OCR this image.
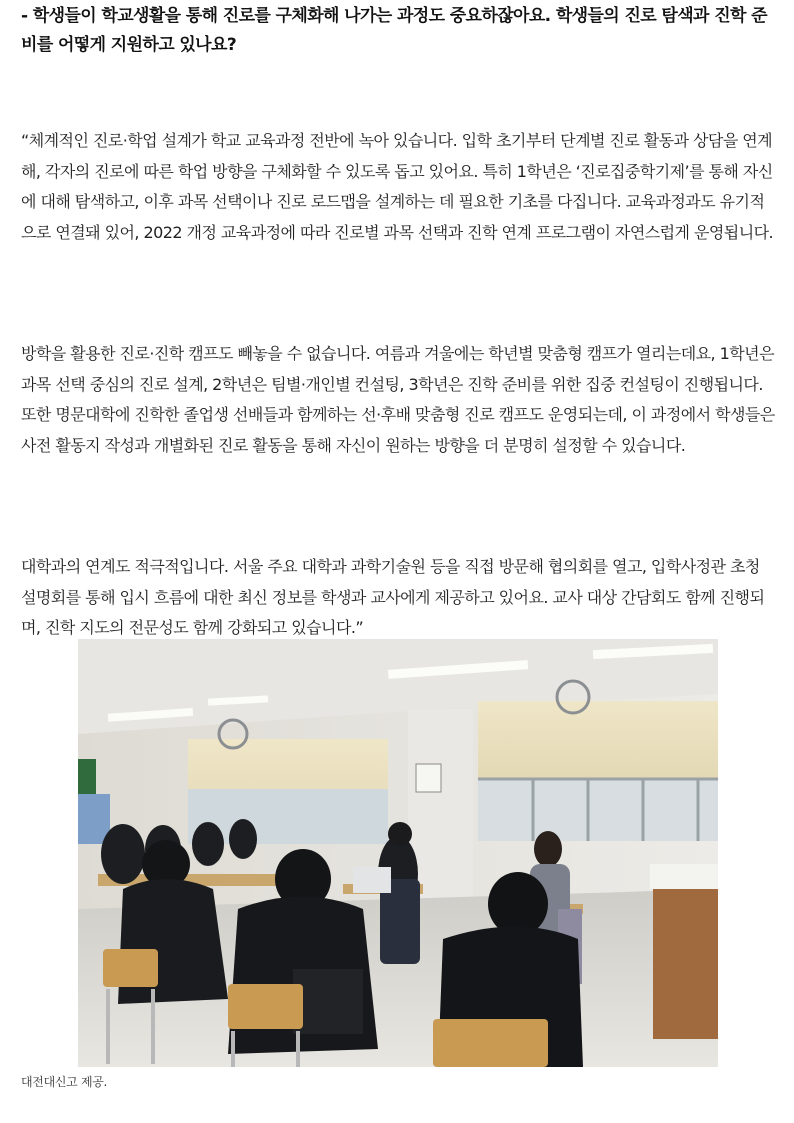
- 학생들이 학교생활을 통해 진로를 구체화해 나가는 과정도 중요하잖아요. 학생들의 진로 탐색과 진학 준비를 어떻게 지원하고 있나요?

“체계적인 진로·학업 설계가 학교 교육과정 전반에 녹아 있습니다. 입학 초기부터 단계별 진로 활동과 상담을 연계해, 각자의 진로에 따른 학업 방향을 구체화할 수 있도록 돕고 있어요. 특히 1학년은 ‘진로집중학기제’를 통해 자신에 대해 탐색하고, 이후 과목 선택이나 진로 로드맵을 설계하는 데 필요한 기초를 다집니다. 교육과정과도 유기적으로 연결돼 있어, 2022 개정 교육과정에 따라 진로별 과목 선택과 진학 연계 프로그램이 자연스럽게 운영됩니다.

방학을 활용한 진로·진학 캠프도 빼놓을 수 없습니다. 여름과 겨울에는 학년별 맞춤형 캠프가 열리는데요, 1학년은 과목 선택 중심의 진로 설계, 2학년은 팀별·개인별 컨설팅, 3학년은 진학 준비를 위한 집중 컨설팅이 진행됩니다. 또한 명문대학에 진학한 졸업생 선배들과 함께하는 선·후배 맞춤형 진로 캠프도 운영되는데, 이 과정에서 학생들은 사전 활동지 작성과 개별화된 진로 활동을 통해 자신이 원하는 방향을 더 분명히 설정할 수 있습니다.

대학과의 연계도 적극적입니다. 서울 주요 대학과 과학기술원 등을 직접 방문해 협의회를 열고, 입학사정관 초청 설명회를 통해 입시 흐름에 대한 최신 정보를 학생과 교사에게 제공하고 있어요. 교사 대상 간담회도 함께 진행되며, 진학 지도의 전문성도 함께 강화되고 있습니다.”

대전대신고 제공.
